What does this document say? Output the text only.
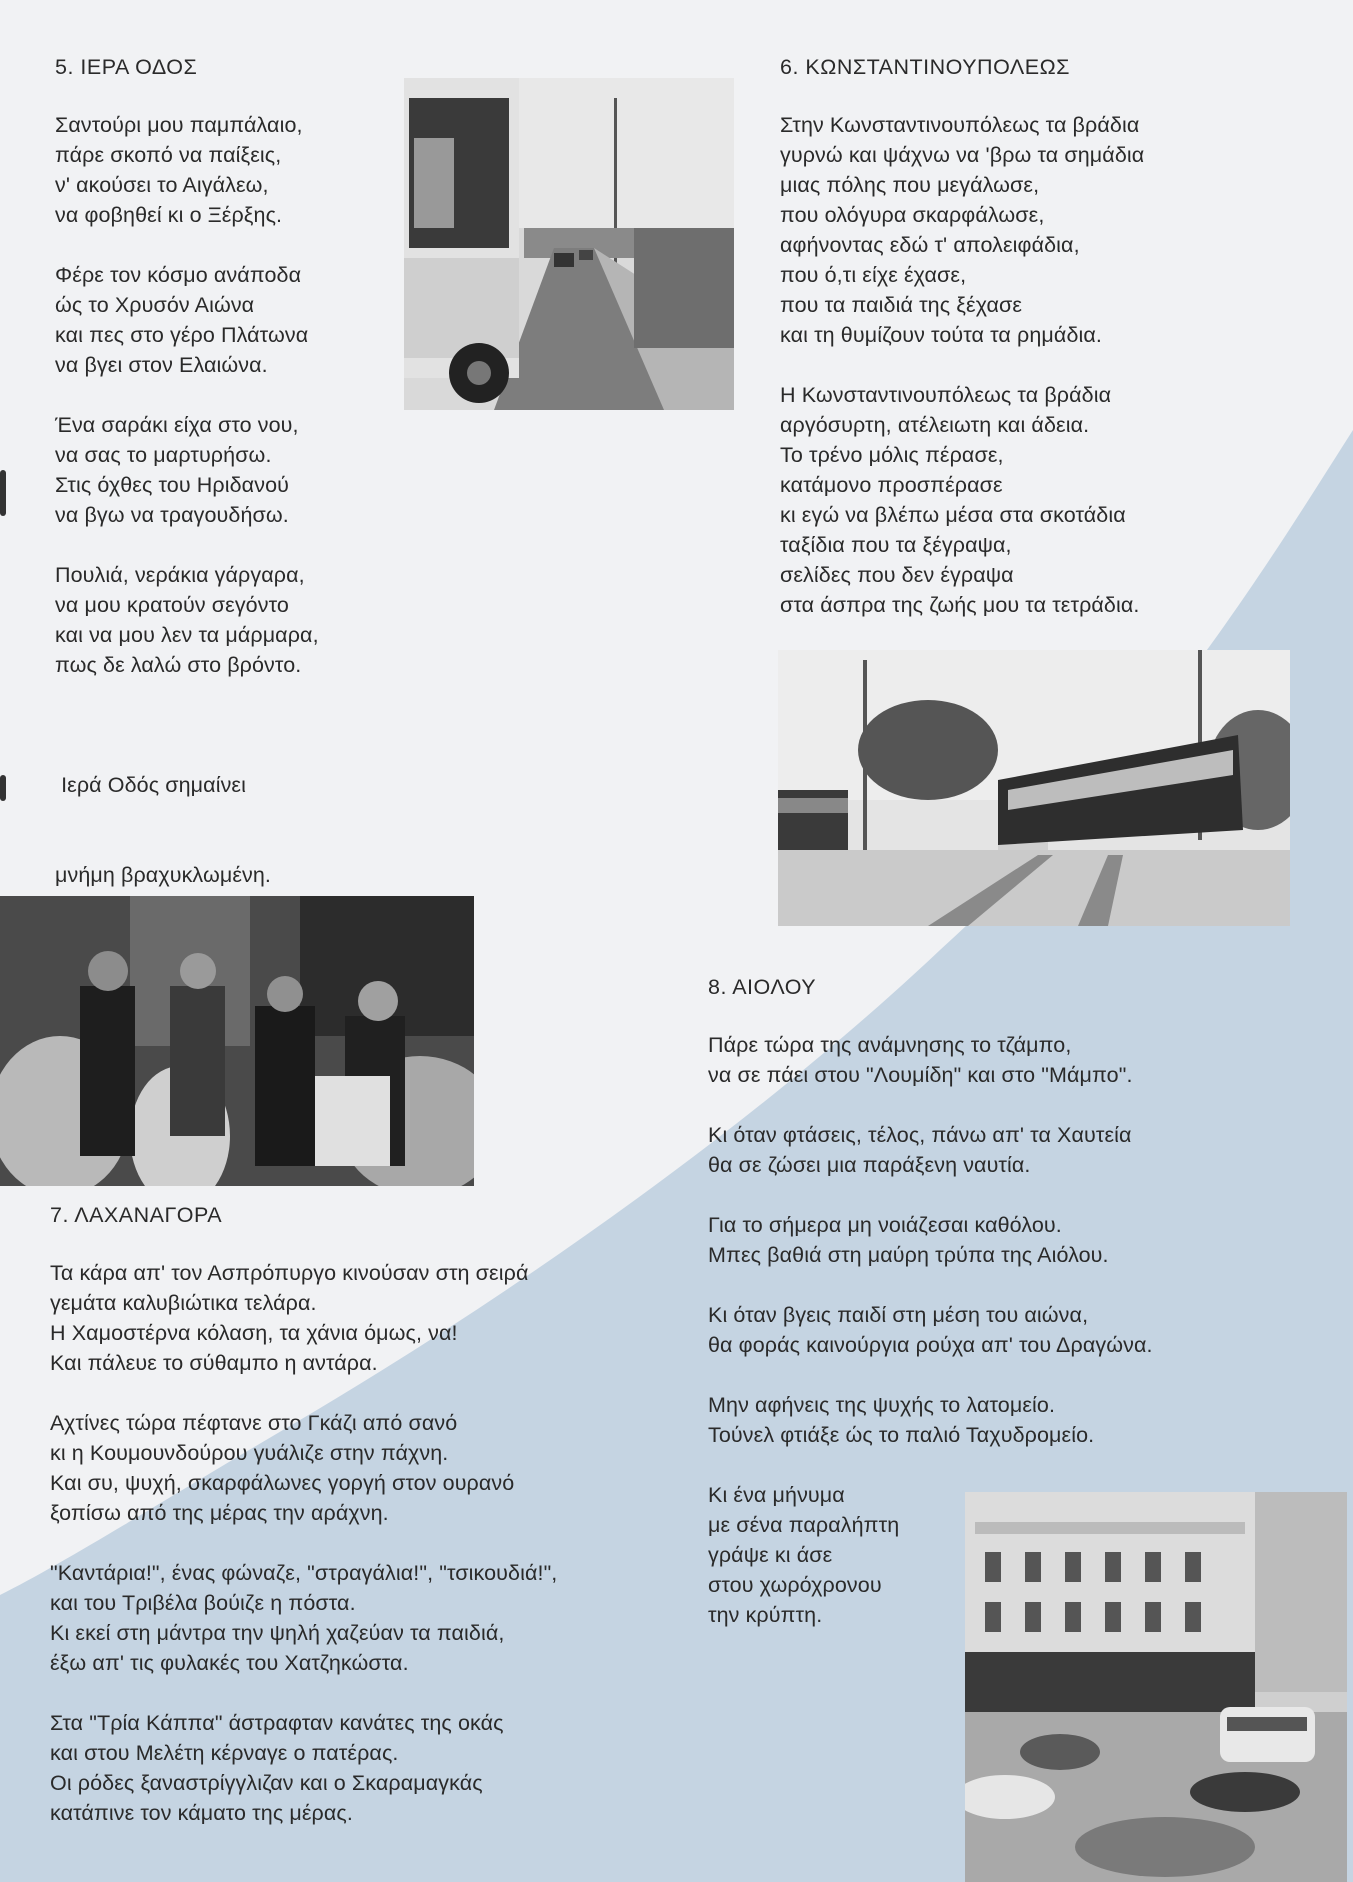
5. ΙΕΡΑ ΟΔΟΣ
Σαντούρι μου παμπάλαιο,
πάρε σκοπό να παίξεις,
ν' ακούσει το Αιγάλεω,
να φοβηθεί κι ο Ξέρξης.
Φέρε τον κόσμο ανάποδα
ώς το Χρυσόν Αιώνα
και πες στο γέρο Πλάτωνα
να βγει στον Ελαιώνα.
Ένα σαράκι είχα στο νου,
να σας το μαρτυρήσω.
Στις όχθες του Ηριδανού
να βγω να τραγουδήσω.
Πουλιά, νεράκια γάργαρα,
να μου κρατούν σεγόντο
και να μου λεν τα μάρμαρα,
πως δε λαλώ στο βρόντο.

Ιερά Οδός σημαίνει

μνήμη βραχυκλωμένη.

6. ΚΩΝΣΤΑΝΤΙΝΟΥΠΟΛΕΩΣ
Στην Κωνσταντινουπόλεως τα βράδια
γυρνώ και ψάχνω να 'βρω τα σημάδια
μιας πόλης που μεγάλωσε,
που ολόγυρα σκαρφάλωσε,
αφήνοντας εδώ τ' απολειφάδια,
που ό,τι είχε έχασε,
που τα παιδιά της ξέχασε
και τη θυμίζουν τούτα τα ρημάδια.
Η Κωνσταντινουπόλεως τα βράδια
αργόσυρτη, ατέλειωτη και άδεια.
Το τρένο μόλις πέρασε,
κατάμονο προσπέρασε
κι εγώ να βλέπω μέσα στα σκοτάδια
ταξίδια που τα ξέγραψα,
σελίδες που δεν έγραψα
στα άσπρα της ζωής μου τα τετράδια.
7. ΛΑΧΑΝΑΓΟΡΑ
Τα κάρα απ' τον Ασπρόπυργο κινούσαν στη σειρά
γεμάτα καλυβιώτικα τελάρα.
Η Χαμοστέρνα κόλαση, τα χάνια όμως, να!
Και πάλευε το σύθαμπο η αντάρα.
Αχτίνες τώρα πέφτανε στο Γκάζι από σανό
κι η Κουμουνδούρου γυάλιζε στην πάχνη.
Και συ, ψυχή, σκαρφάλωνες γοργή στον ουρανό
ξοπίσω από της μέρας την αράχνη.
"Καντάρια!", ένας φώναζε, "στραγάλια!", "τσικουδιά!",
και του Τριβέλα βούιζε η πόστα.
Κι εκεί στη μάντρα την ψηλή χαζεύαν τα παιδιά,
έξω απ' τις φυλακές του Χατζηκώστα.
Στα "Τρία Κάππα" άστραφταν κανάτες της οκάς
και στου Μελέτη κέρναγε ο πατέρας.
Οι ρόδες ξαναστρίγγλιζαν και ο Σκαραμαγκάς
κατάπινε τον κάματο της μέρας.
8. ΑΙΟΛΟΥ
Πάρε τώρα της ανάμνησης το τζάμπο,
να σε πάει στου "Λουμίδη" και στο "Μάμπο".
Κι όταν φτάσεις, τέλος, πάνω απ' τα Χαυτεία
θα σε ζώσει μια παράξενη ναυτία.
Για το σήμερα μη νοιάζεσαι καθόλου.
Μπες βαθιά στη μαύρη τρύπα της Αιόλου.
Κι όταν βγεις παιδί στη μέση του αιώνα,
θα φοράς καινούργια ρούχα απ' του Δραγώνα.
Μην αφήνεις της ψυχής το λατομείο.
Τούνελ φτιάξε ώς το παλιό Ταχυδρομείο.
Κι ένα μήνυμα
με σένα παραλήπτη
γράψε κι άσε
στου χωρόχρονου
την κρύπτη.
